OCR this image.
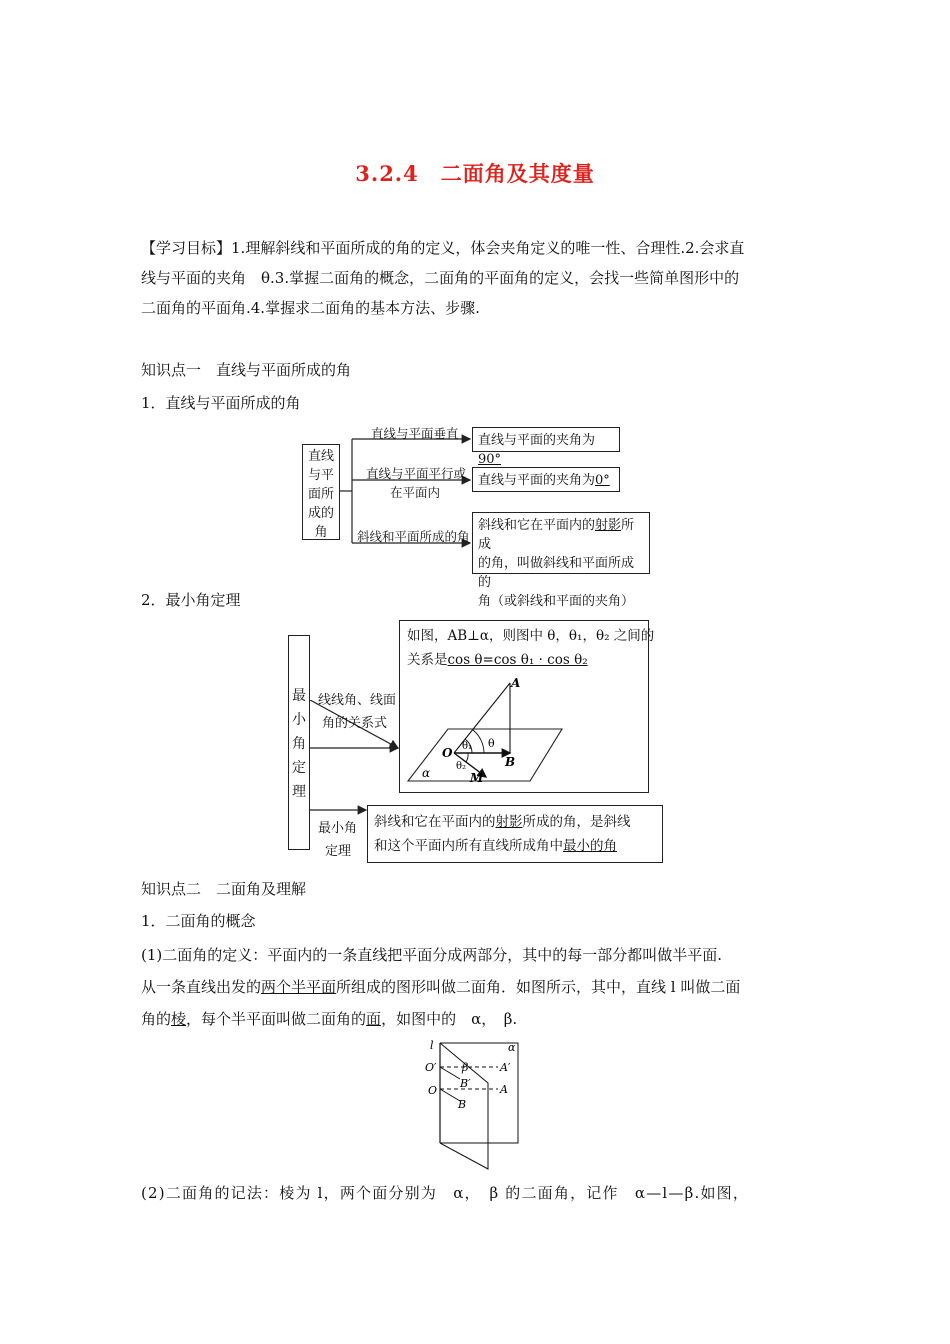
3.2.4　二面角及其度量
【学习目标】1.理解斜线和平面所成的角的定义，体会夹角定义的唯一性、合理性.2.会求直
线与平面的夹角　θ.3.掌握二面角的概念，二面角的平面角的定义，会找一些简单图形中的
二面角的平面角.4.掌握求二面角的基本方法、步骤.
知识点一　直线与平面所成的角
1．直线与平面所成的角
直线
与平
面所
成的
角
直线与平面垂直
直线与平面平行或
在平面内
斜线和平面所成的角
直线与平面的夹角为90°
直线与平面的夹角为0°
斜线和它在平面内的射影所成
的角，叫做斜线和平面所成的
角（或斜线和平面的夹角）
2．最小角定理
最
小
角
定
理
线线角、线面
角的关系式
最小角
定理
如图，AB⊥α，则图中 θ，θ₁，θ₂ 之间的
关系是cos θ=cos θ₁ · cos θ₂
A
O
B
M
θ
θ₁
θ₂
α
斜线和它在平面内的射影所成的角，是斜线
和这个平面内所有直线所成角中最小的角
知识点二　二面角及理解
1．二面角的概念
(1)二面角的定义：平面内的一条直线把平面分成两部分，其中的每一部分都叫做半平面.
从一条直线出发的两个半平面所组成的图形叫做二面角．如图所示，其中，直线 l 叫做二面
角的棱，每个半平面叫做二面角的面，如图中的　α，　β.
l	α
O′ β
B′
O
B
A′
A
(2)二面角的记法：棱为 l，两个面分别为　α，　β 的二面角，记作　α—l—β.如图，
